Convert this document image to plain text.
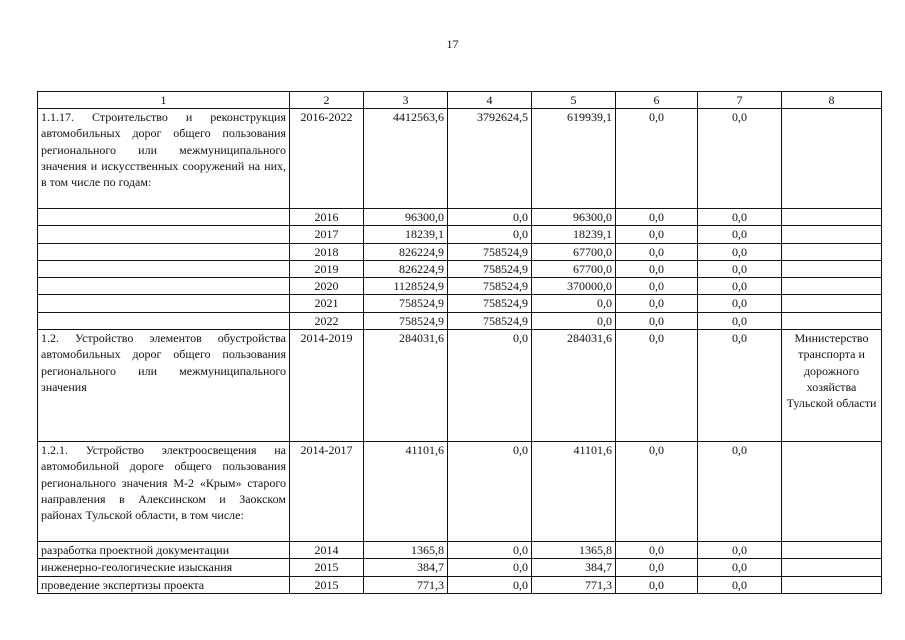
17
1	2	3	4	5	6	7	8
1.1.17. Строительство и реконструкция автомобильных дорог общего пользования регионального или межмуниципального значения и искусственных сооружений на них, в том числе по годам:	2016-2022	4412563,6	3792624,5	619939,1	0,0	0,0	
	2016	96300,0	0,0	96300,0	0,0	0,0	
	2017	18239,1	0,0	18239,1	0,0	0,0	
	2018	826224,9	758524,9	67700,0	0,0	0,0	
	2019	826224,9	758524,9	67700,0	0,0	0,0	
	2020	1128524,9	758524,9	370000,0	0,0	0,0	
	2021	758524,9	758524,9	0,0	0,0	0,0	
	2022	758524,9	758524,9	0,0	0,0	0,0	
1.2. Устройство элементов обустройства автомобильных дорог общего пользования регионального или межмуниципального значения	2014-2019	284031,6	0,0	284031,6	0,0	0,0	Министерство транспорта и дорожного хозяйства Тульской области
1.2.1. Устройство электроосвещения на автомобильной дороге общего пользования регионального значения М-2 «Крым» старого направления в Алексинском и Заокском районах Тульской области, в том числе:	2014-2017	41101,6	0,0	41101,6	0,0	0,0	
разработка проектной документации	2014	1365,8	0,0	1365,8	0,0	0,0	
инженерно-геологические изыскания	2015	384,7	0,0	384,7	0,0	0,0	
проведение экспертизы проекта	2015	771,3	0,0	771,3	0,0	0,0	
